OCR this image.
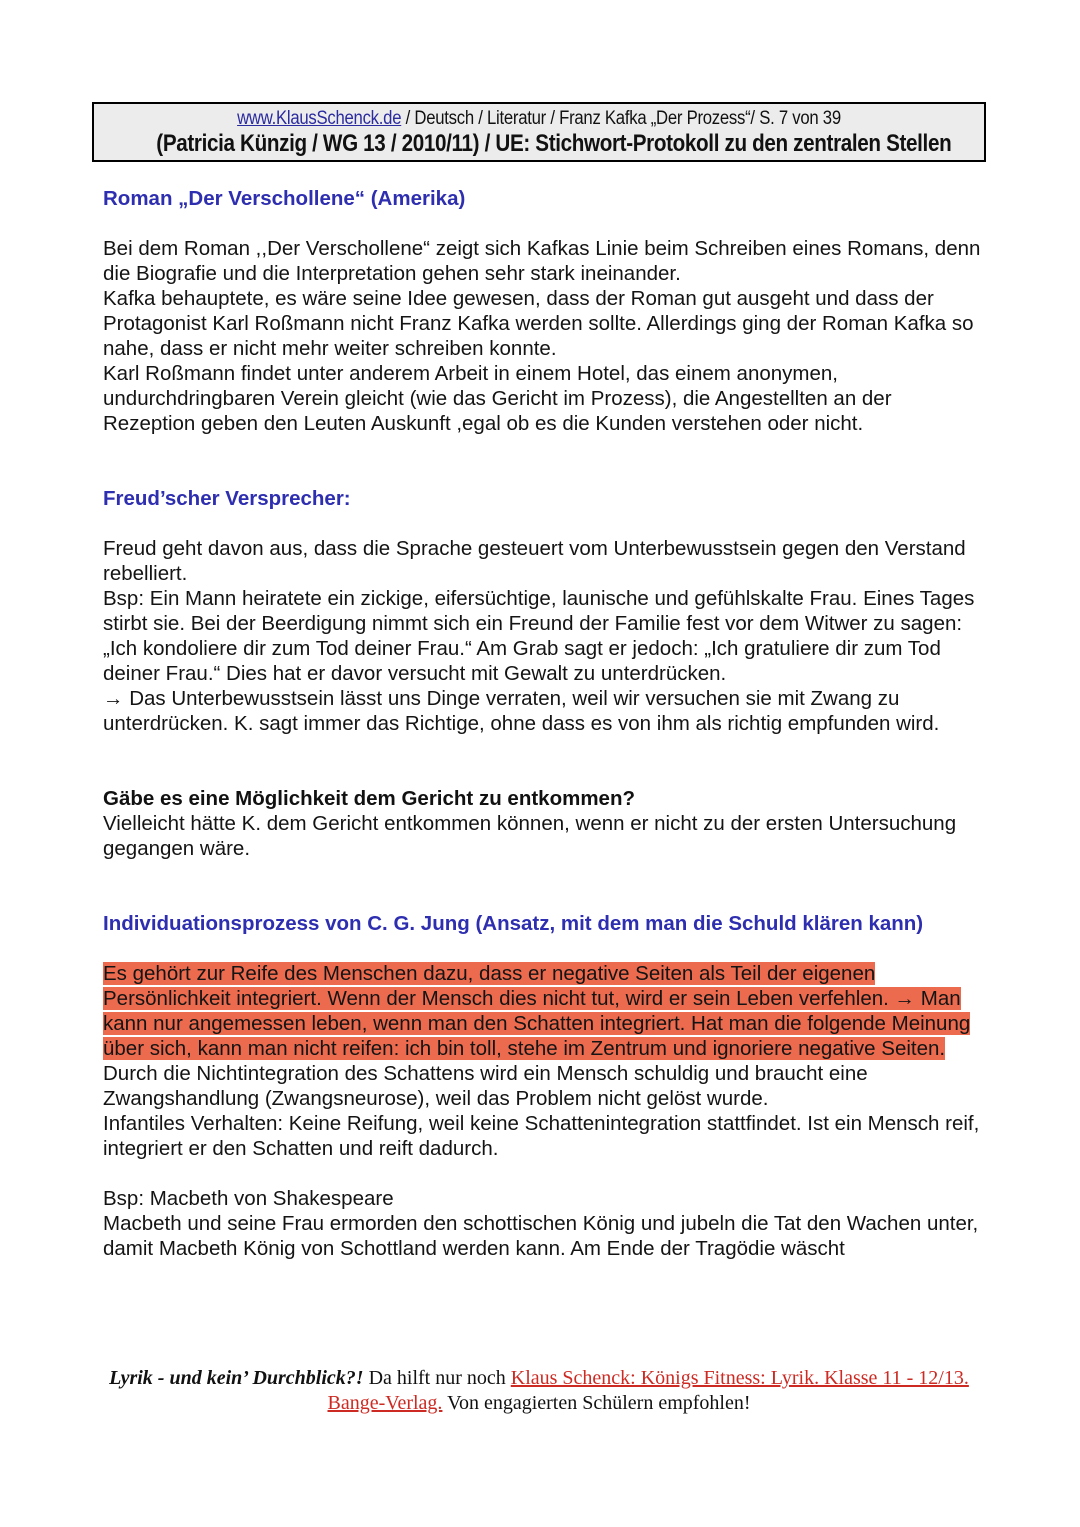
www.KlausSchenck.de / Deutsch / Literatur / Franz Kafka „Der Prozess“/ S. 7 von 39
(Patricia Künzig / WG 13 / 2010/11) / UE: Stichwort-Protokoll zu den zentralen Stellen

Roman „Der Verschollene“ (Amerika)

Bei dem Roman ,,Der Verschollene“ zeigt sich Kafkas Linie beim Schreiben eines Romans, denn die Biografie und die Interpretation gehen sehr stark ineinander.

Kafka behauptete, es wäre seine Idee gewesen, dass der Roman gut ausgeht und dass der Protagonist Karl Roßmann nicht Franz Kafka werden sollte. Allerdings ging der Roman Kafka so nahe, dass er nicht mehr weiter schreiben konnte.

Karl Roßmann findet unter anderem Arbeit in einem Hotel, das einem anonymen, undurchdringbaren Verein gleicht (wie das Gericht im Prozess), die Angestellten an der Rezeption geben den Leuten Auskunft ,egal ob es die Kunden verstehen oder nicht.

Freud’scher Versprecher:

Freud geht davon aus, dass die Sprache gesteuert vom Unterbewusstsein gegen den Verstand rebelliert.

Bsp: Ein Mann heiratete ein zickige, eifersüchtige, launische und gefühlskalte Frau. Eines Tages stirbt sie. Bei der Beerdigung nimmt sich ein Freund der Familie fest vor dem Witwer zu sagen: „Ich kondoliere dir zum Tod deiner Frau.“ Am Grab sagt er jedoch: „Ich gratuliere dir zum Tod deiner Frau.“ Dies hat er davor versucht mit Gewalt zu unterdrücken.

→ Das Unterbewusstsein lässt uns Dinge verraten, weil wir versuchen sie mit Zwang zu unterdrücken. K. sagt immer das Richtige, ohne dass es von ihm als richtig empfunden wird.

Gäbe es eine Möglichkeit dem Gericht zu entkommen?

Vielleicht hätte K. dem Gericht entkommen können, wenn er nicht zu der ersten Untersuchung gegangen wäre.

Individuationsprozess von C. G. Jung (Ansatz, mit dem man die Schuld klären kann)

Es gehört zur Reife des Menschen dazu, dass er negative Seiten als Teil der eigenen Persönlichkeit integriert. Wenn der Mensch dies nicht tut, wird er sein Leben verfehlen. → Man kann nur angemessen leben, wenn man den Schatten integriert. Hat man die folgende Meinung über sich, kann man nicht reifen: ich bin toll, stehe im Zentrum und ignoriere negative Seiten.

Durch die Nichtintegration des Schattens wird ein Mensch schuldig und braucht eine Zwangshandlung (Zwangsneurose), weil das Problem nicht gelöst wurde.

Infantiles Verhalten: Keine Reifung, weil keine Schattenintegration stattfindet. Ist ein Mensch reif, integriert er den Schatten und reift dadurch.

Bsp: Macbeth von Shakespeare

Macbeth und seine Frau ermorden den schottischen König und jubeln die Tat den Wachen unter, damit Macbeth König von Schottland werden kann. Am Ende der Tragödie wäscht

Lyrik - und kein’ Durchblick?! Da hilft nur noch Klaus Schenck: Königs Fitness: Lyrik. Klasse 11 - 12/13. Bange-Verlag. Von engagierten Schülern empfohlen!
